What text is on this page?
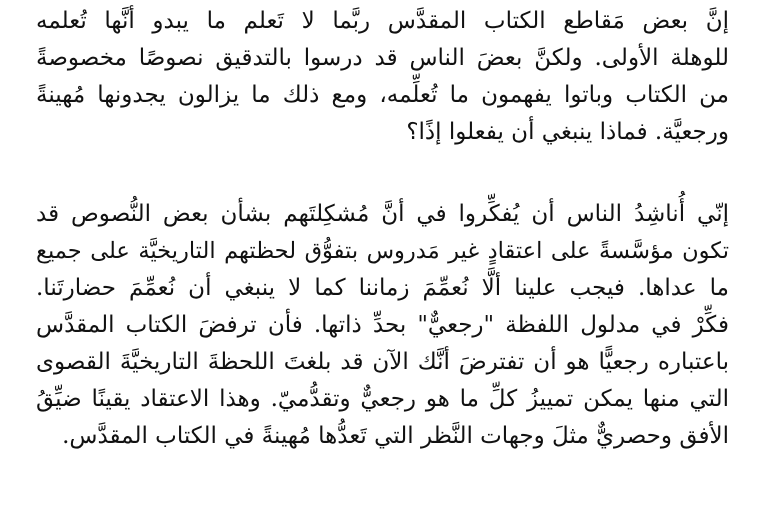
إنَّ بعض مَقاطع الكتاب المقدَّس ربَّما لا تَعلم ما يبدو أنَّها تُعلمه
للوهلة الأولى. ولكنَّ بعضَ الناس قد درسوا بالتدقيق نصوصًا مخصوصةً
من الكتاب وباتوا يفهمون ما تُعلِّمه، ومع ذلك ما يزالون يجدونها مُهينةً
ورجعيَّة. فماذا ينبغي أن يفعلوا إذًا؟
إنّي أُناشِدُ الناس أن يُفكِّروا في أنَّ مُشكِلتَهم بشأن بعض النُّصوص قد
تكون مؤسَّسةً على اعتقادٍ غير مَدروس بتفوُّق لحظتهم التاريخيَّة على جميع
ما عداها. فيجب علينا ألَّا نُعمِّمَ زماننا كما لا ينبغي أن نُعمِّمَ حضارتَنا.
فكِّرْ في مدلول اللفظة "رجعيٌّ" بحدِّ ذاتها. فأن ترفضَ الكتاب المقدَّس
باعتباره رجعيًّا هو أن تفترضَ أنَّك الآن قد بلغتَ اللحظةَ التاريخيَّةَ القصوى
التي منها يمكن تمييزُ كلِّ ما هو رجعيٌّ وتقدُّميّ. وهذا الاعتقاد يقينًا ضيِّقُ
الأفق وحصريٌّ مثلَ وجهات النَّظر التي تَعدُّها مُهينةً في الكتاب المقدَّس.
